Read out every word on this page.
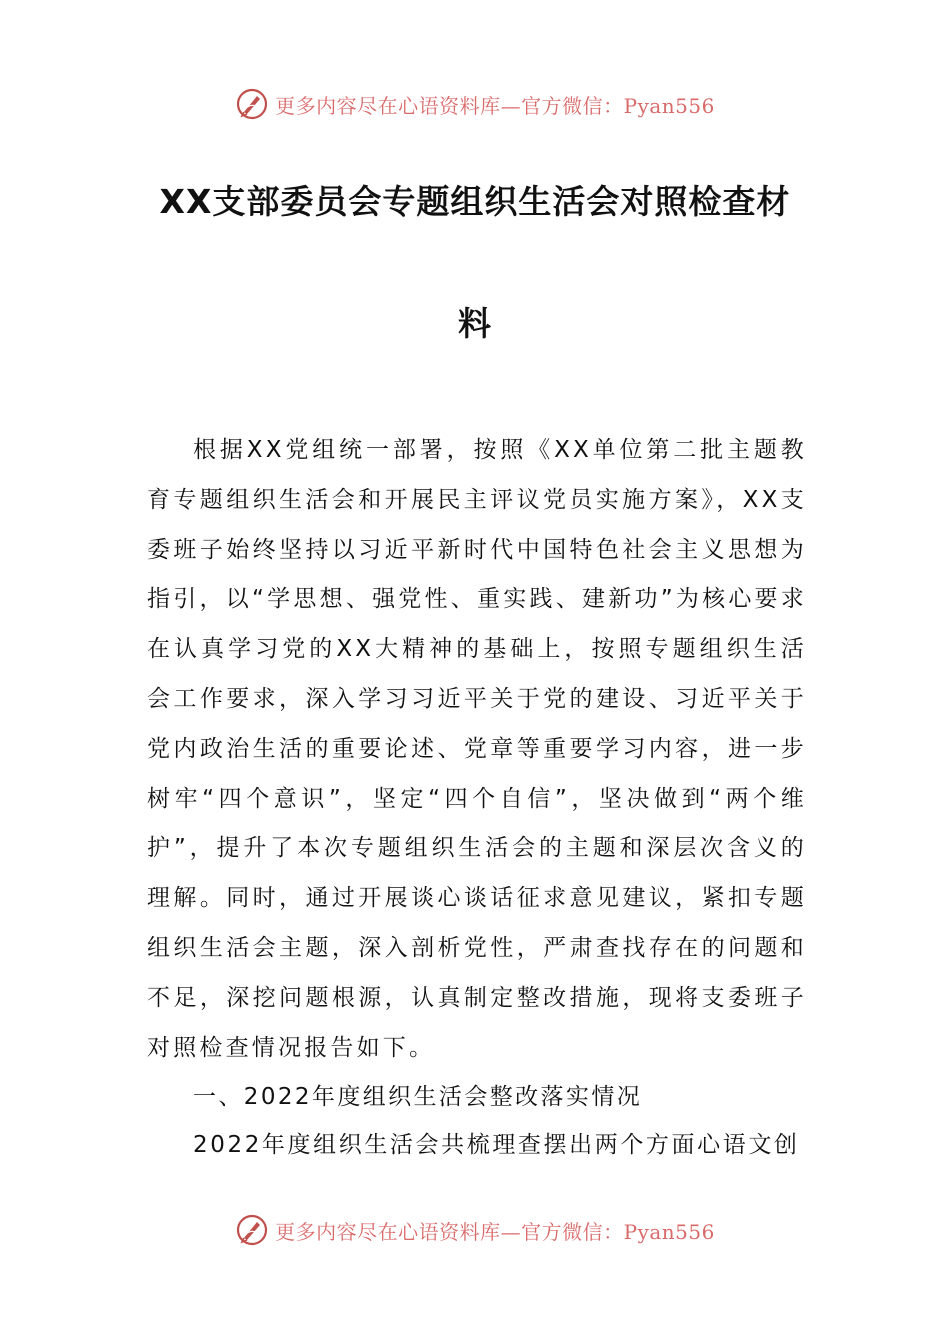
更多内容尽在心语资料库—官方微信：Pyan556
XX支部委员会专题组织生活会对照检查材
料

根据XX党组统一部署，按照《XX单位第二批主题教育专题组织生活会和开展民主评议党员实施方案》，XX支委班子始终坚持以习近平新时代中国特色社会主义思想为指引，以“学思想、强党性、重实践、建新功”为核心要求在认真学习党的XX大精神的基础上，按照专题组织生活会工作要求，深入学习习近平关于党的建设、习近平关于党内政治生活的重要论述、党章等重要学习内容，进一步树牢“四个意识”，坚定“四个自信”，坚决做到“两个维护”，提升了本次专题组织生活会的主题和深层次含义的理解。同时，通过开展谈心谈话征求意见建议，紧扣专题组织生活会主题，深入剖析党性，严肃查找存在的问题和不足，深挖问题根源，认真制定整改措施，现将支委班子对照检查情况报告如下。

一、2022年度组织生活会整改落实情况

2022年度组织生活会共梳理查摆出两个方面心语文创

更多内容尽在心语资料库—官方微信：Pyan556
